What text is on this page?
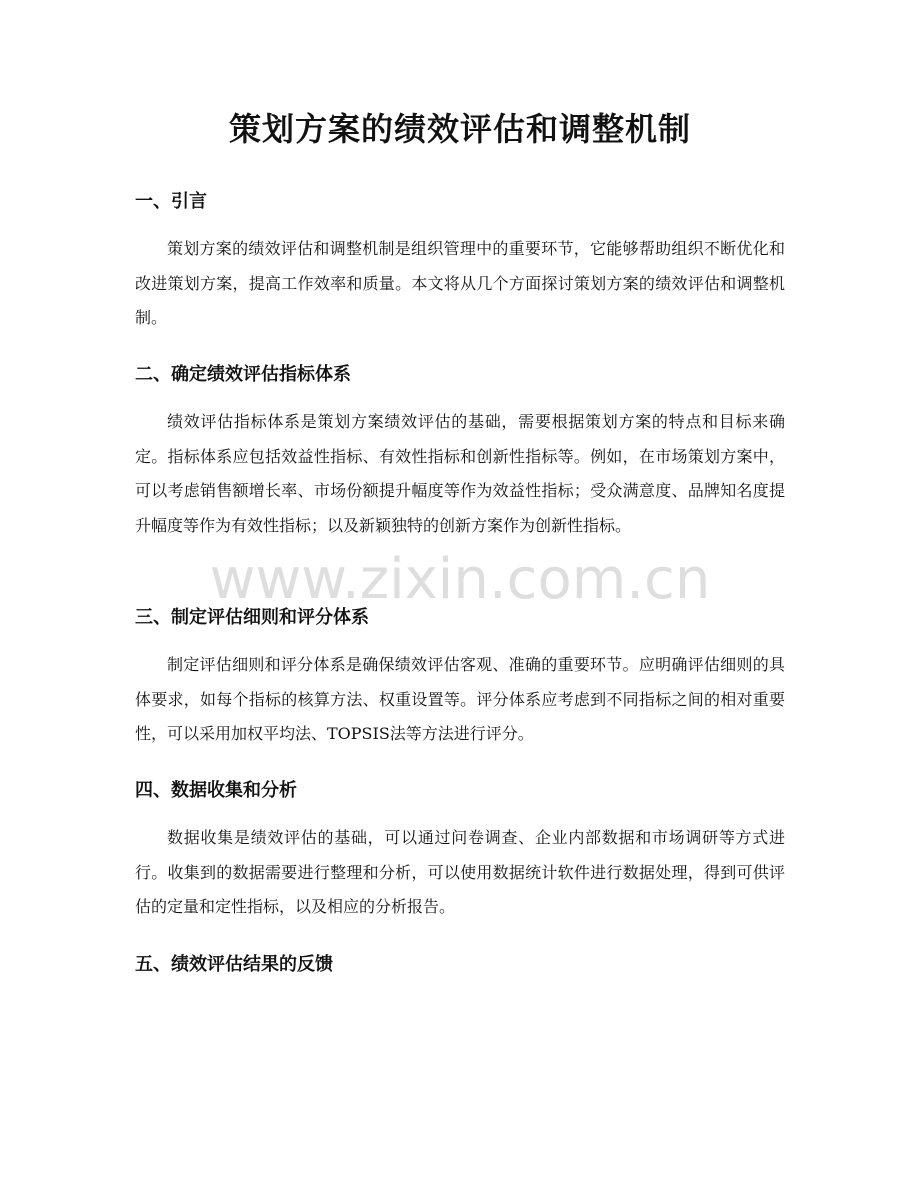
策划方案的绩效评估和调整机制
一、引言

策划方案的绩效评估和调整机制是组织管理中的重要环节，它能够帮助组织不断优化和改进策划方案，提高工作效率和质量。本文将从几个方面探讨策划方案的绩效评估和调整机制。

二、确定绩效评估指标体系

绩效评估指标体系是策划方案绩效评估的基础，需要根据策划方案的特点和目标来确定。指标体系应包括效益性指标、有效性指标和创新性指标等。例如，在市场策划方案中，可以考虑销售额增长率、市场份额提升幅度等作为效益性指标；受众满意度、品牌知名度提升幅度等作为有效性指标；以及新颖独特的创新方案作为创新性指标。

三、制定评估细则和评分体系

制定评估细则和评分体系是确保绩效评估客观、准确的重要环节。应明确评估细则的具体要求，如每个指标的核算方法、权重设置等。评分体系应考虑到不同指标之间的相对重要性，可以采用加权平均法、TOPSIS法等方法进行评分。

四、数据收集和分析

数据收集是绩效评估的基础，可以通过问卷调查、企业内部数据和市场调研等方式进行。收集到的数据需要进行整理和分析，可以使用数据统计软件进行数据处理，得到可供评估的定量和定性指标，以及相应的分析报告。

五、绩效评估结果的反馈
www.zixin.com.cn
